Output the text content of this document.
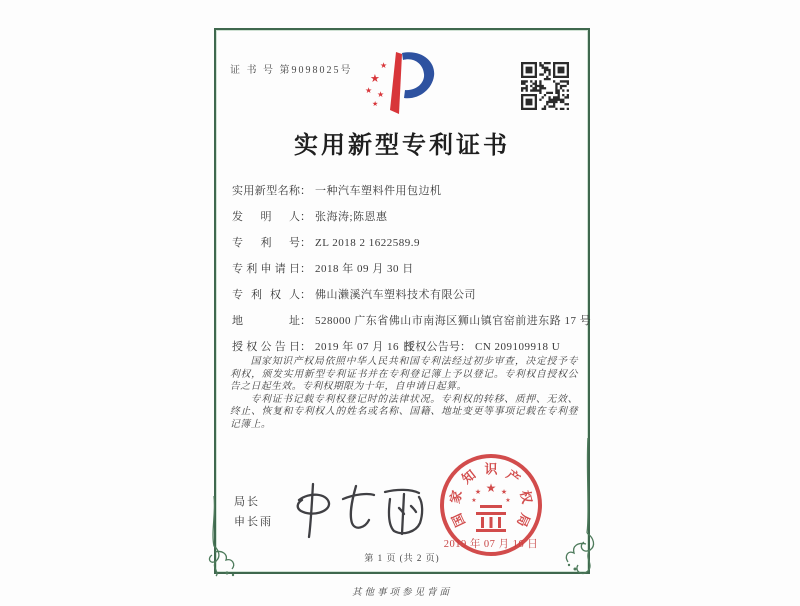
证 书 号 第9098025号	★
★
★ ★
★
实用新型专利证书
实用新型名称： 一种汽车塑料件用包边机
发明人： 张海涛;陈恩惠
专利号： ZL 2018 2 1622589.9
专利申请日： 2018 年 09 月 30 日
专利权人： 佛山濑溪汽车塑料技术有限公司
地址： 528000 广东省佛山市南海区狮山镇官窑前进东路 17 号
授权公告日： 2019 年 07 月 16 日
授权公告号： CN 209109918 U

国家知识产权局依照中华人民共和国专利法经过初步审查，决定授予专利权，颁发实用新型专利证书并在专利登记簿上予以登记。专利权自授权公告之日起生效。专利权期限为十年，自申请日起算。

专利证书记载专利权登记时的法律状况。专利权的转移、质押、无效、终止、恢复和专利权人的姓名或名称、国籍、地址变更等事项记载在专利登记簿上。

局长
申长雨
2019 年 07 月 16 日
国
家
知 识 产
权
局
★
★	★
★	★
第 1 页 (共 2 页)
其他事项参见背面
